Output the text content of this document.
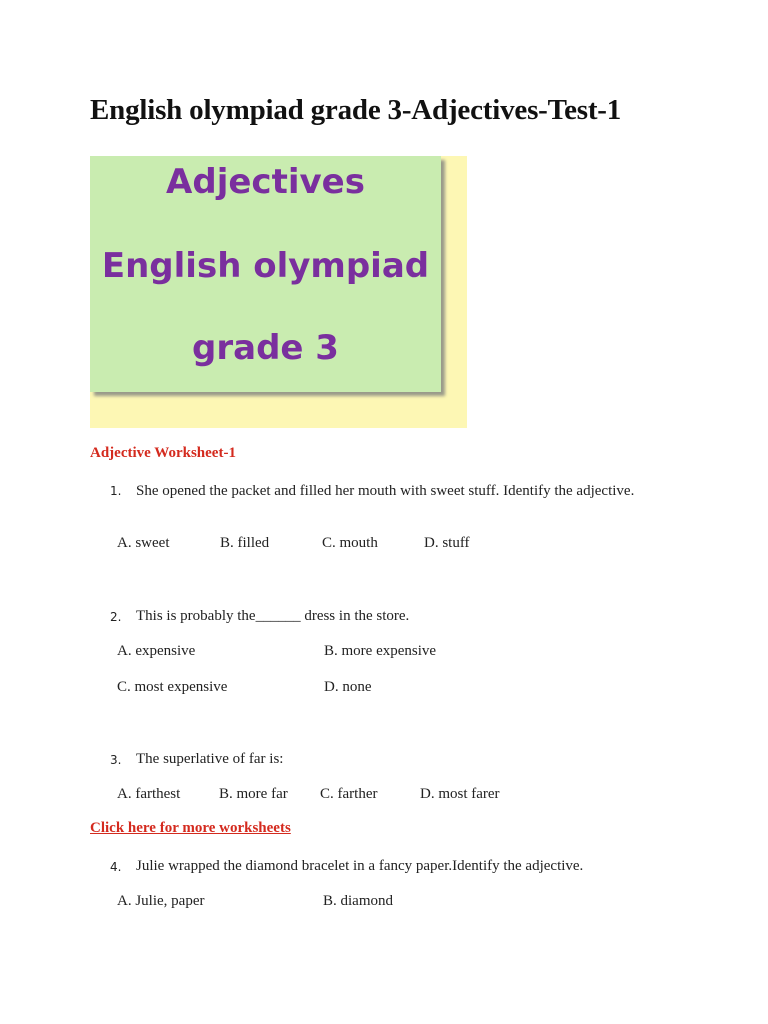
English olympiad grade 3-Adjectives-Test-1
Adjectives
English olympiad
grade 3
Adjective Worksheet-1
1. She opened the packet and filled her mouth with sweet stuff. Identify the adjective.
A. sweet	B. filled	C. mouth	D. stuff
2. This is probably the______ dress in the store.
A. expensive	B. more expensive
C. most expensive	D. none
3. The superlative of far is:
A. farthest	B. more far C. farther	D. most farer
Click here for more worksheets
4. Julie wrapped the diamond bracelet in a fancy paper.Identify the adjective.
A. Julie, paper	B. diamond
